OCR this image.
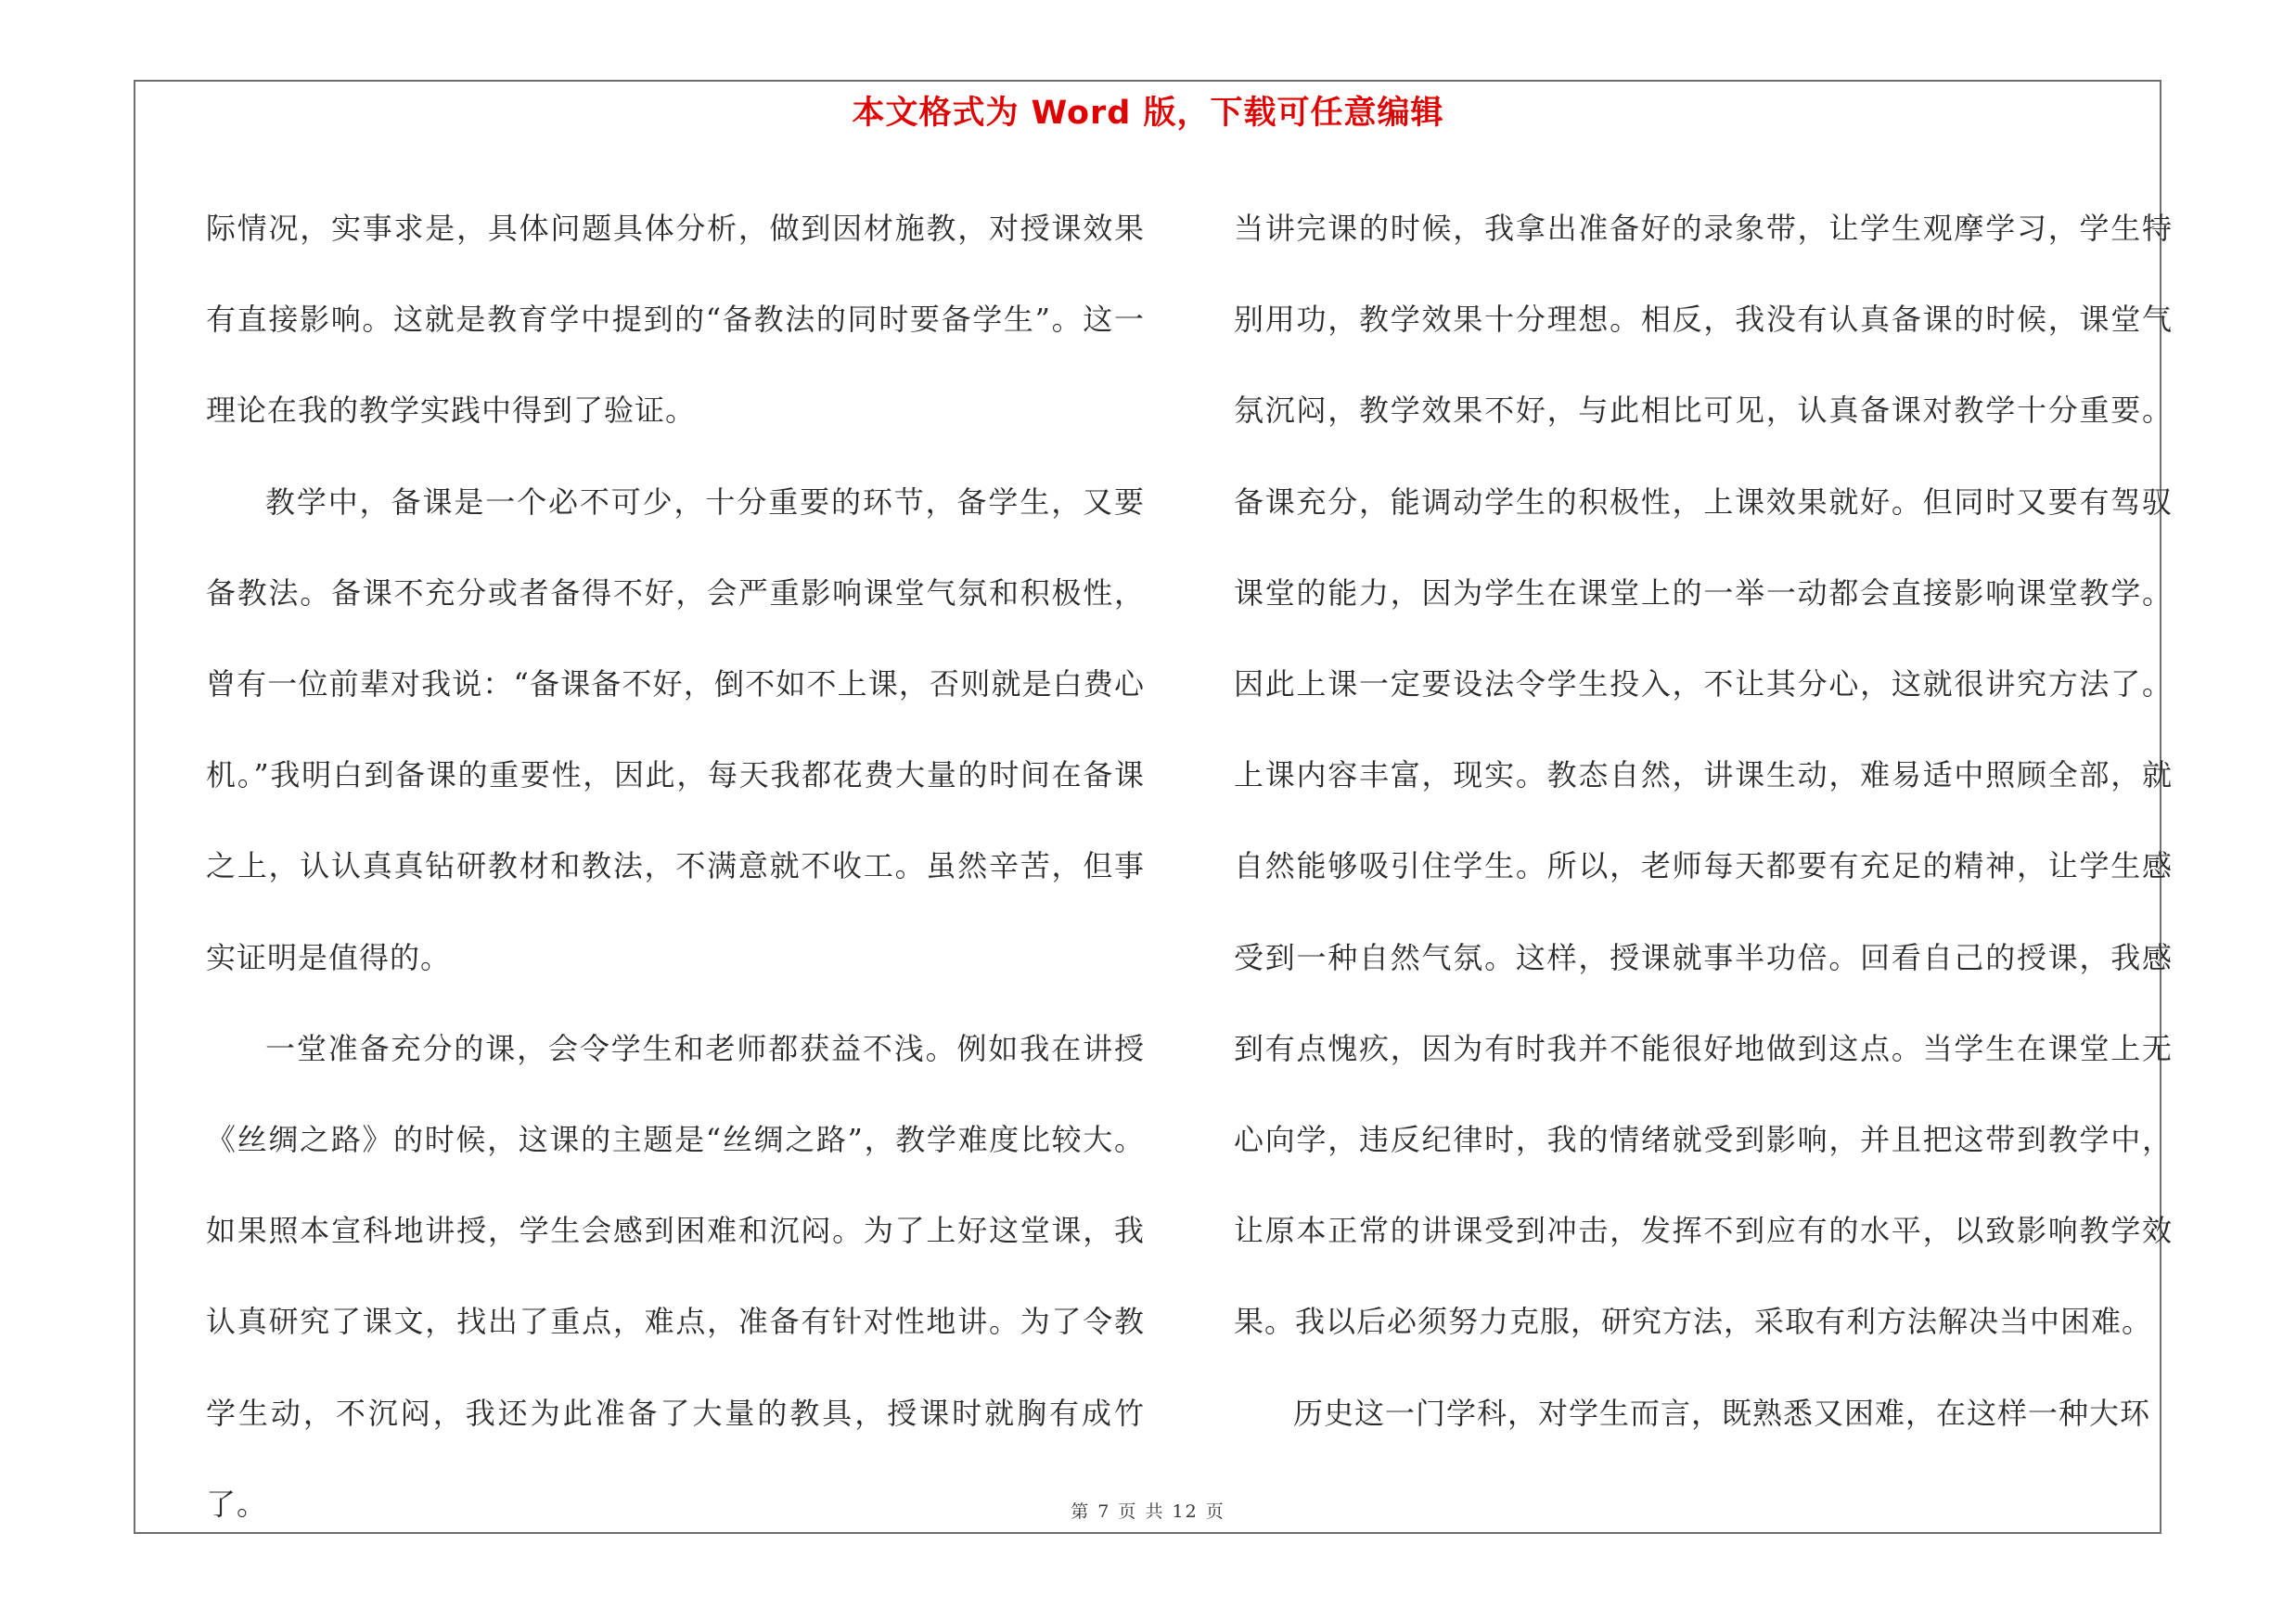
本文格式为 Word 版，下载可任意编辑

际情况，实事求是，具体问题具体分析，做到因材施教，对授课效果有直接影响。这就是教育学中提到的“备教法的同时要备学生”。这一理论在我的教学实践中得到了验证。

教学中，备课是一个必不可少，十分重要的环节，备学生，又要备教法。备课不充分或者备得不好，会严重影响课堂气氛和积极性，曾有一位前辈对我说：“备课备不好，倒不如不上课，否则就是白费心机。”我明白到备课的重要性，因此，每天我都花费大量的时间在备课之上，认认真真钻研教材和教法，不满意就不收工。虽然辛苦，但事实证明是值得的。

一堂准备充分的课，会令学生和老师都获益不浅。例如我在讲授《丝绸之路》的时候，这课的主题是“丝绸之路”，教学难度比较大。如果照本宣科地讲授，学生会感到困难和沉闷。为了上好这堂课，我认真研究了课文，找出了重点，难点，准备有针对性地讲。为了令教学生动，不沉闷，我还为此准备了大量的教具，授课时就胸有成竹了。

当讲完课的时候，我拿出准备好的录象带，让学生观摩学习，学生特别用功，教学效果十分理想。相反，我没有认真备课的时候，课堂气氛沉闷，教学效果不好，与此相比可见，认真备课对教学十分重要。备课充分，能调动学生的积极性，上课效果就好。但同时又要有驾驭课堂的能力，因为学生在课堂上的一举一动都会直接影响课堂教学。因此上课一定要设法令学生投入，不让其分心，这就很讲究方法了。上课内容丰富，现实。教态自然，讲课生动，难易适中照顾全部，就自然能够吸引住学生。所以，老师每天都要有充足的精神，让学生感受到一种自然气氛。这样，授课就事半功倍。回看自己的授课，我感到有点愧疚，因为有时我并不能很好地做到这点。当学生在课堂上无心向学，违反纪律时，我的情绪就受到影响，并且把这带到教学中，让原本正常的讲课受到冲击，发挥不到应有的水平，以致影响教学效果。我以后必须努力克服，研究方法，采取有利方法解决当中困难。

历史这一门学科，对学生而言，既熟悉又困难，在这样一种大环

第 7 页 共 12 页
